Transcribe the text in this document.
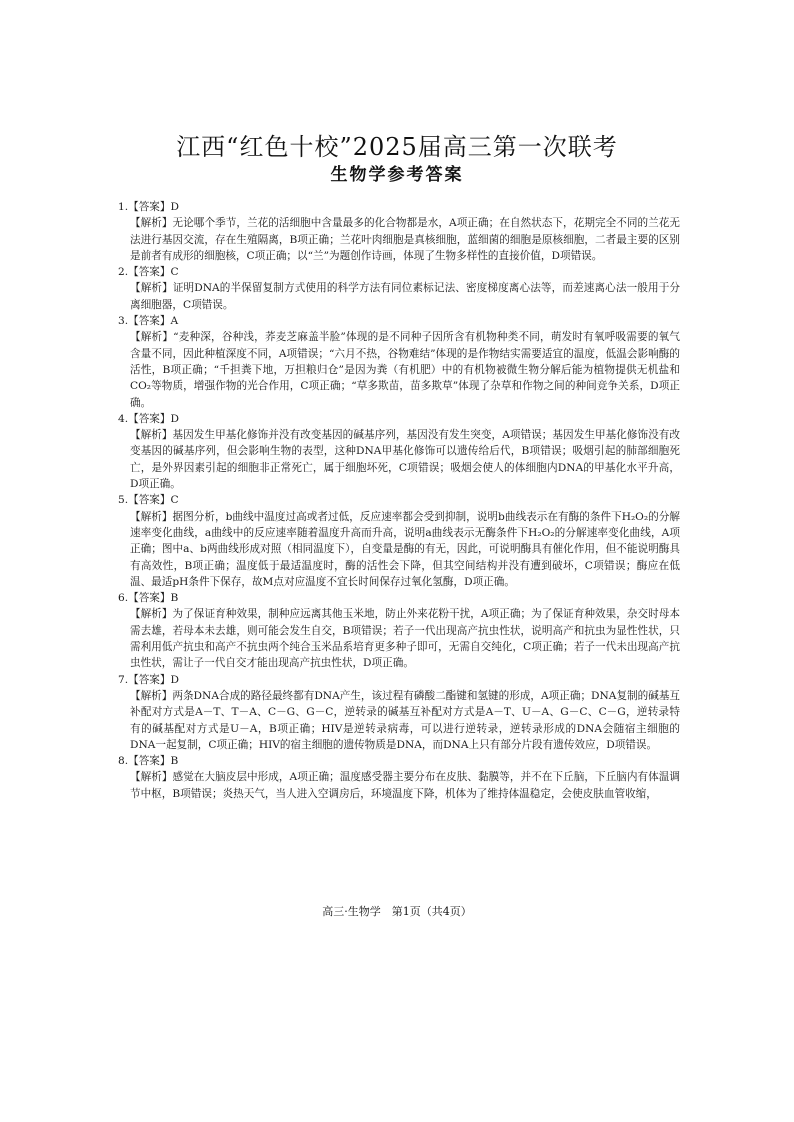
江西“红色十校”2025届高三第一次联考
生物学参考答案

1.【答案】D

【解析】无论哪个季节，兰花的活细胞中含量最多的化合物都是水，A项正确；在自然状态下，花期完全不同的兰花无法进行基因交流，存在生殖隔离，B项正确；兰花叶肉细胞是真核细胞，蓝细菌的细胞是原核细胞，二者最主要的区别是前者有成形的细胞核，C项正确；以“兰”为题创作诗画，体现了生物多样性的直接价值，D项错误。

2.【答案】C

【解析】证明DNA的半保留复制方式使用的科学方法有同位素标记法、密度梯度离心法等，而差速离心法一般用于分离细胞器，C项错误。

3.【答案】A

【解析】“麦种深，谷种浅，荞麦芝麻盖半脸”体现的是不同种子因所含有机物种类不同，萌发时有氧呼吸需要的氧气含量不同，因此种植深度不同，A项错误；“六月不热，谷物难结”体现的是作物结实需要适宜的温度，低温会影响酶的活性，B项正确；“千担粪下地，万担粮归仓”是因为粪（有机肥）中的有机物被微生物分解后能为植物提供无机盐和CO₂等物质，增强作物的光合作用，C项正确；“草多欺苗，苗多欺草”体现了杂草和作物之间的种间竞争关系，D项正确。

4.【答案】D

【解析】基因发生甲基化修饰并没有改变基因的碱基序列，基因没有发生突变，A项错误；基因发生甲基化修饰没有改变基因的碱基序列，但会影响生物的表型，这种DNA甲基化修饰可以遗传给后代，B项错误；吸烟引起的肺部细胞死亡，是外界因素引起的细胞非正常死亡，属于细胞坏死，C项错误；吸烟会使人的体细胞内DNA的甲基化水平升高，D项正确。

5.【答案】C

【解析】据图分析，b曲线中温度过高或者过低，反应速率都会受到抑制，说明b曲线表示在有酶的条件下H₂O₂的分解速率变化曲线，a曲线中的反应速率随着温度升高而升高，说明a曲线表示无酶条件下H₂O₂的分解速率变化曲线，A项正确；图中a、b两曲线形成对照（相同温度下），自变量是酶的有无，因此，可说明酶具有催化作用，但不能说明酶具有高效性，B项正确；温度低于最适温度时，酶的活性会下降，但其空间结构并没有遭到破坏，C项错误；酶应在低温、最适pH条件下保存，故M点对应温度不宜长时间保存过氧化氢酶，D项正确。

6.【答案】B

【解析】为了保证育种效果，制种应远离其他玉米地，防止外来花粉干扰，A项正确；为了保证育种效果，杂交时母本需去雄，若母本未去雄，则可能会发生自交，B项错误；若子一代出现高产抗虫性状，说明高产和抗虫为显性性状，只需利用低产抗虫和高产不抗虫两个纯合玉米品系培育更多种子即可，无需自交纯化，C项正确；若子一代未出现高产抗虫性状，需让子一代自交才能出现高产抗虫性状，D项正确。

7.【答案】D

【解析】两条DNA合成的路径最终都有DNA产生，该过程有磷酸二酯键和氢键的形成，A项正确；DNA复制的碱基互补配对方式是A－T、T－A、C－G、G－C，逆转录的碱基互补配对方式是A－T、U－A、G－C、C－G，逆转录特有的碱基配对方式是U－A，B项正确；HIV是逆转录病毒，可以进行逆转录，逆转录形成的DNA会随宿主细胞的DNA一起复制，C项正确；HIV的宿主细胞的遗传物质是DNA，而DNA上只有部分片段有遗传效应，D项错误。

8.【答案】B

【解析】感觉在大脑皮层中形成，A项正确；温度感受器主要分布在皮肤、黏膜等，并不在下丘脑，下丘脑内有体温调节中枢，B项错误；炎热天气，当人进入空调房后，环境温度下降，机体为了维持体温稳定，会使皮肤血管收缩，

高三·生物学　第1页（共4页）
